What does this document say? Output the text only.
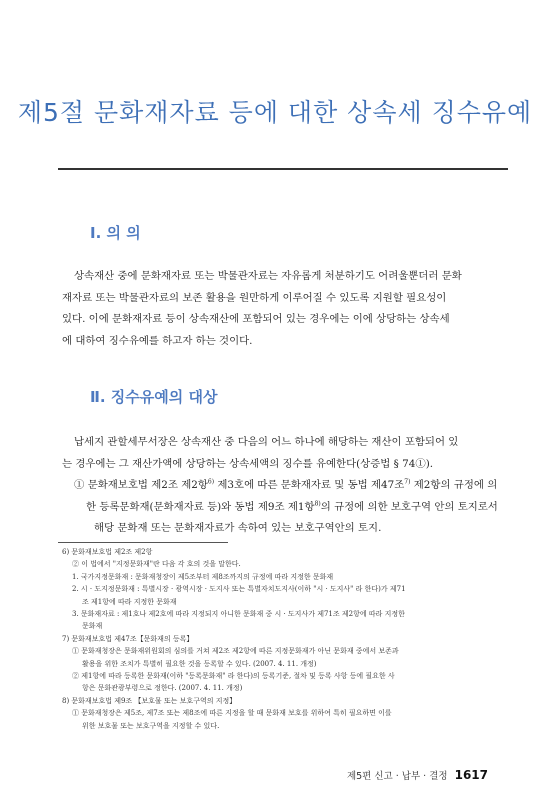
제5절 문화재자료 등에 대한 상속세 징수유예
Ⅰ. 의 의
상속재산 중에 문화재자료 또는 박물관자료는 자유롭게 처분하기도 어려울뿐더러 문화
재자료 또는 박물관자료의 보존 활용을 원만하게 이루어질 수 있도록 지원할 필요성이
있다. 이에 문화재자료 등이 상속재산에 포함되어 있는 경우에는 이에 상당하는 상속세
에 대하여 징수유예를 하고자 하는 것이다.
Ⅱ. 징수유예의 대상
납세지 관할세무서장은 상속재산 중 다음의 어느 하나에 해당하는 재산이 포함되어 있
는 경우에는 그 재산가액에 상당하는 상속세액의 징수를 유예한다(상증법 § 74①).
① 문화재보호법 제2조 제2항$^{6)}$ 제3호에 따른 문화재자료 및 동법 제47조$^{7)}$ 제2항의 규정에 의
한 등록문화재(문화재자료 등)와 동법 제9조 제1항$^{8)}$의 규정에 의한 보호구역 안의 토지로서
해당 문화재 또는 문화재자료가 속하여 있는 보호구역안의 토지.
6) 문화재보호법 제2조 제2항
② 이 법에서 "지정문화재"란 다음 각 호의 것을 말한다.
1. 국가지정문화재 : 문화재청장이 제5조부터 제8조까지의 규정에 따라 지정한 문화재
2. 시 · 도지정문화재 : 특별시장 · 광역시장 · 도지사 또는 특별자치도지사(이하 "시 · 도지사" 라 한다)가 제71
조 제1항에 따라 지정한 문화재
3. 문화재자료 : 제1호나 제2호에 따라 지정되지 아니한 문화재 중 시 · 도지사가 제71조 제2항에 따라 지정한
문화재
7) 문화재보호법 제47조【문화재의 등록】
① 문화재청장은 문화재위원회의 심의를 거쳐 제2조 제2항에 따른 지정문화재가 아닌 문화재 중에서 보존과
활용을 위한 조치가 특별히 필요한 것을 등록할 수 있다. (2007. 4. 11. 개정)
② 제1항에 따라 등록한 문화재(이하 "등록문화재" 라 한다)의 등록기준, 절차 및 등록 사항 등에 필요한 사
항은 문화관광부령으로 정한다. (2007. 4. 11. 개정)
8) 문화재보호법 제9조 【보호물 또는 보호구역의 지정】
① 문화재청장은 제5조, 제7조 또는 제8조에 따른 지정을 할 때 문화재 보호를 위하여 특히 필요하면 이를
위한 보호물 또는 보호구역을 지정할 수 있다.
제5편 신고 · 납부 · 결정 1617
